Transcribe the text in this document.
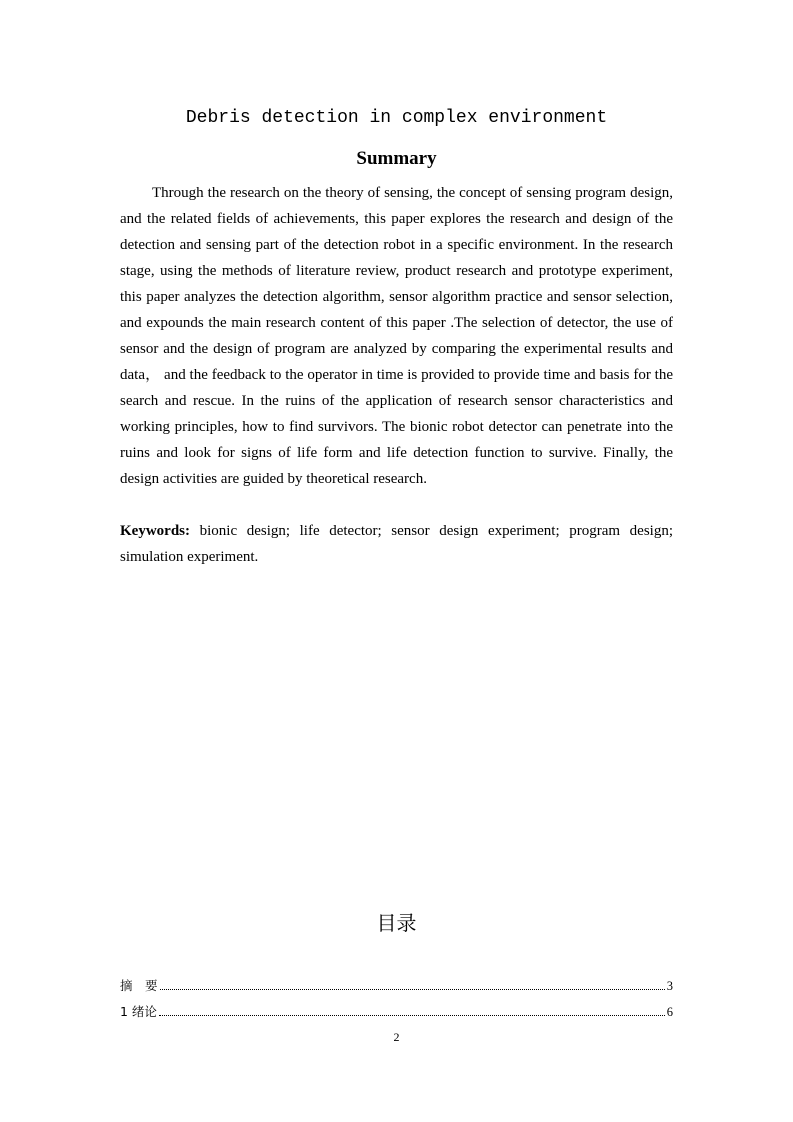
Debris detection in complex environment
Summary

Through the research on the theory of sensing, the concept of sensing program design, and the related fields of achievements, this paper explores the research and design of the detection and sensing part of the detection robot in a specific environment. In the research stage, using the methods of literature review, product research and prototype experiment, this paper analyzes the detection algorithm, sensor algorithm practice and sensor selection, and expounds the main research content of this paper .The selection of detector, the use of sensor and the design of program are analyzed by comparing the experimental results and data， and the feedback to the operator in time is provided to provide time and basis for the search and rescue. In the ruins of the application of research sensor characteristics and working principles, how to find survivors. The bionic robot detector can penetrate into the ruins and look for signs of life form and life detection function to survive. Finally, the design activities are guided by theoretical research.

Keywords: bionic design; life detector; sensor design experiment; program design; simulation experiment.

目录
摘　要	3
1 绪论	6
2
